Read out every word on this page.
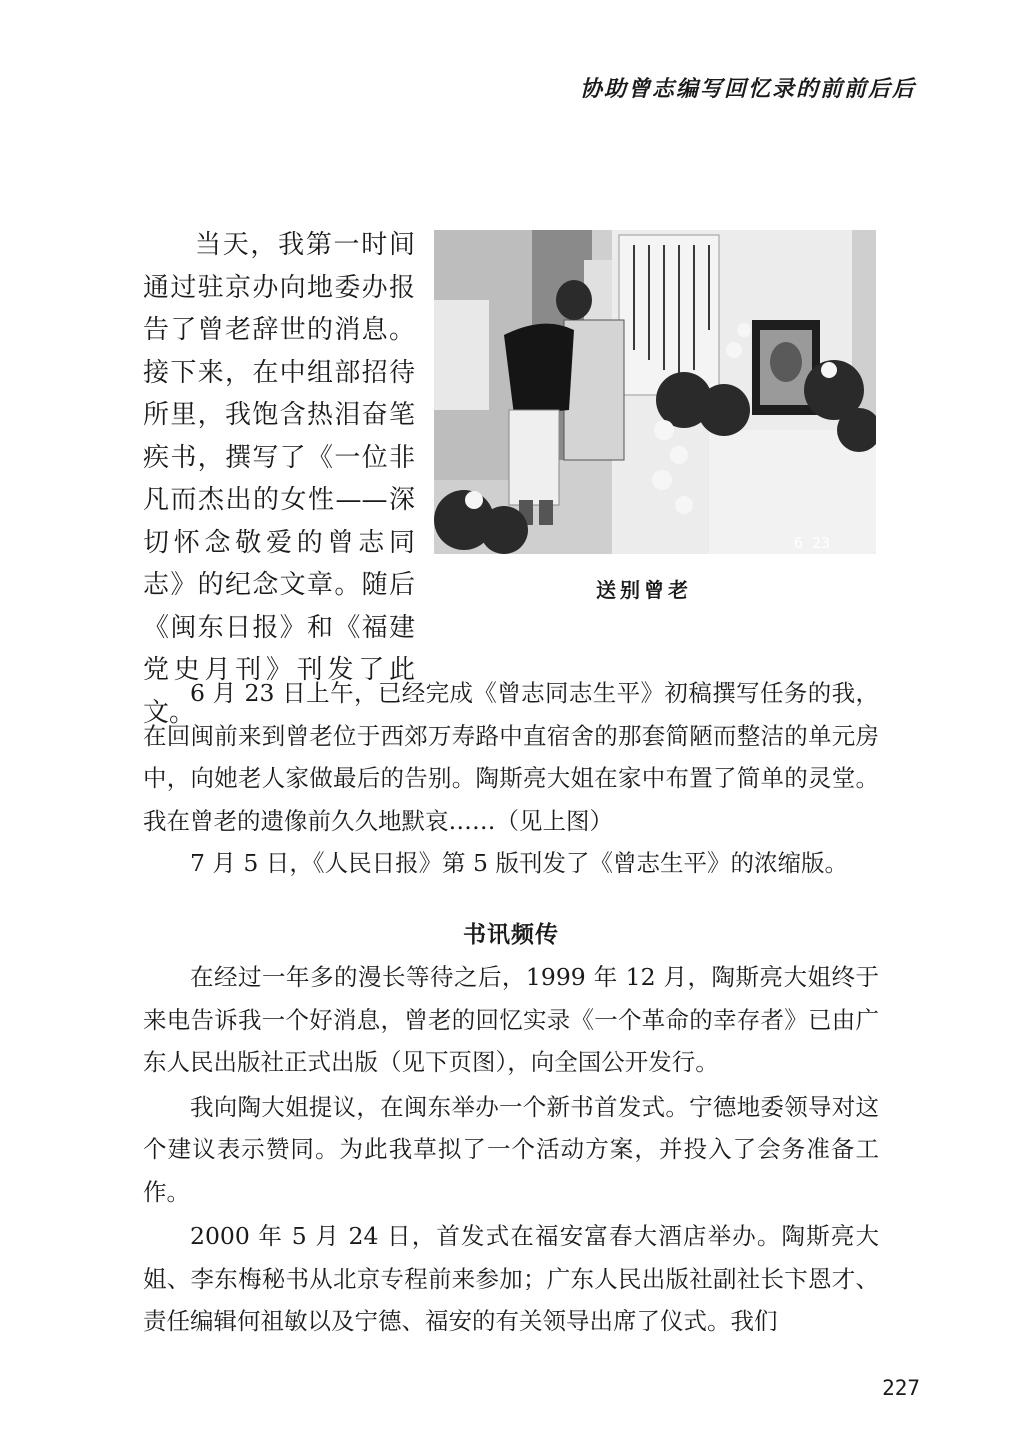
协助曾志编写回忆录的前前后后

当天，我第一时间通过驻京办向地委办报告了曾老辞世的消息。接下来，在中组部招待所里，我饱含热泪奋笔疾书，撰写了《一位非凡而杰出的女性——深切怀念敬爱的曾志同志》的纪念文章。随后《闽东日报》和《福建党史月刊》刊发了此文。

6 23
送别曾老

6 月 23 日上午，已经完成《曾志同志生平》初稿撰写任务的我，在回闽前来到曾老位于西郊万寿路中直宿舍的那套简陋而整洁的单元房中，向她老人家做最后的告别。陶斯亮大姐在家中布置了简单的灵堂。我在曾老的遗像前久久地默哀……（见上图）

7 月 5 日，《人民日报》第 5 版刊发了《曾志生平》的浓缩版。

书讯频传

在经过一年多的漫长等待之后，1999 年 12 月，陶斯亮大姐终于来电告诉我一个好消息，曾老的回忆实录《一个革命的幸存者》已由广东人民出版社正式出版（见下页图），向全国公开发行。

我向陶大姐提议，在闽东举办一个新书首发式。宁德地委领导对这个建议表示赞同。为此我草拟了一个活动方案，并投入了会务准备工作。

2000 年 5 月 24 日，首发式在福安富春大酒店举办。陶斯亮大姐、李东梅秘书从北京专程前来参加；广东人民出版社副社长卞恩才、责任编辑何祖敏以及宁德、福安的有关领导出席了仪式。我们

227
